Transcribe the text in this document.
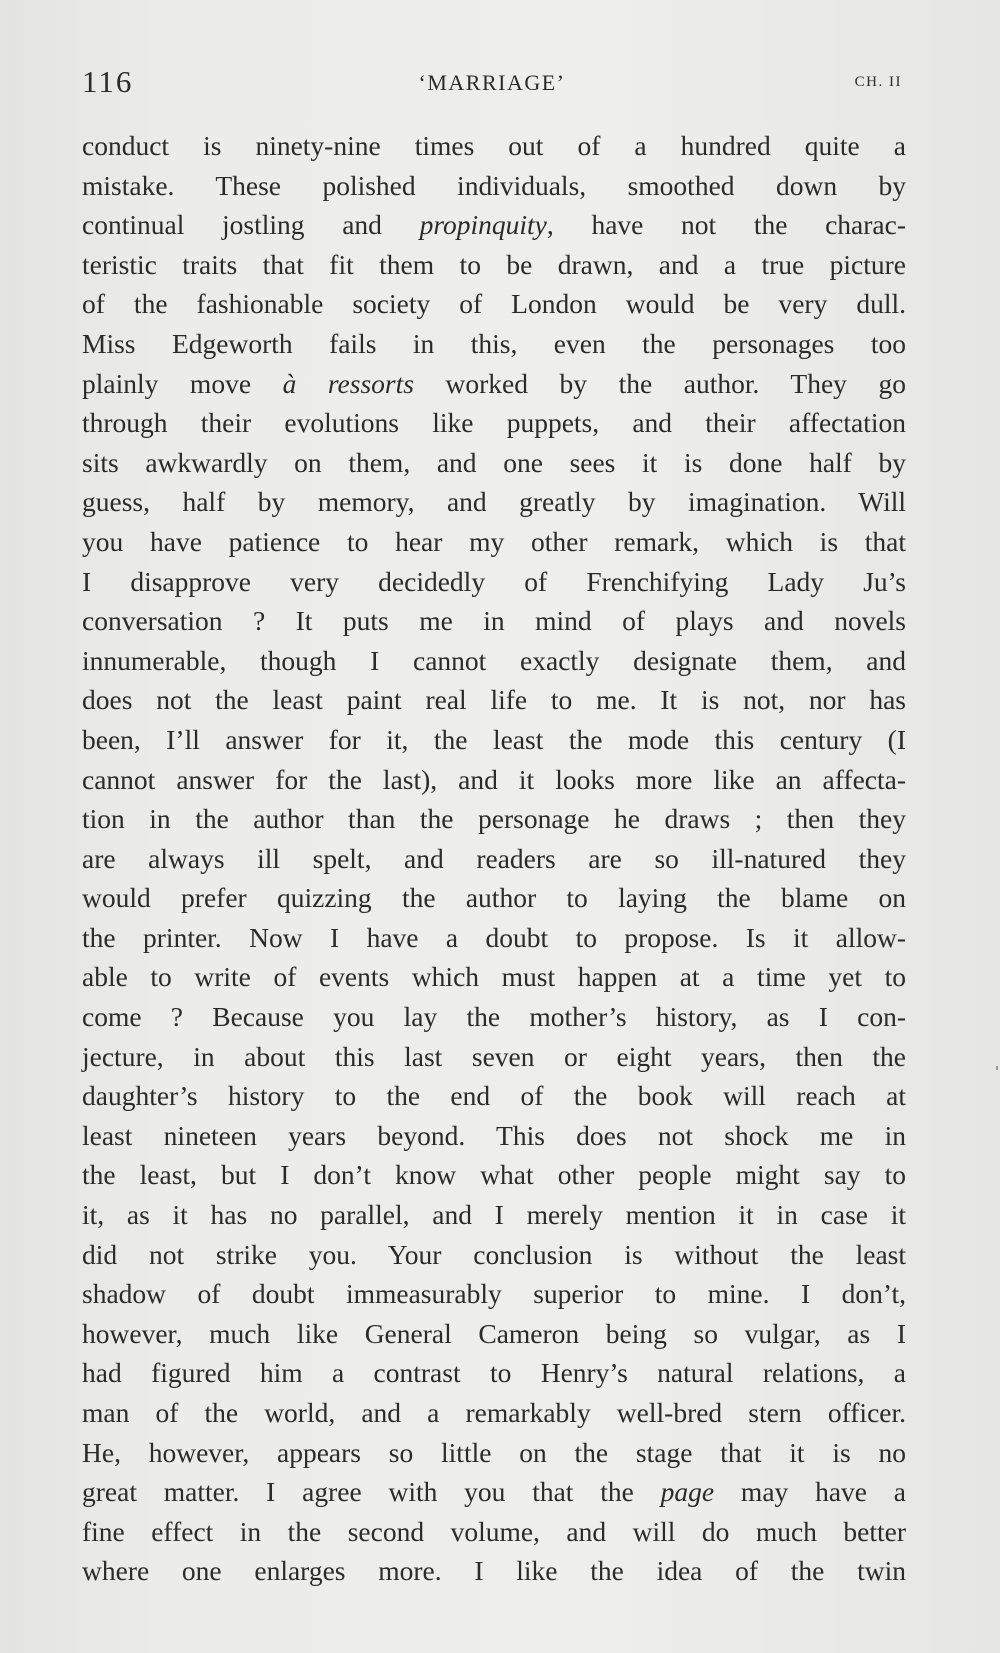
116	‘MARRIAGE’	CH. II
conduct is ninety-nine times out of a hundred quite a
mistake. These polished individuals, smoothed down by
continual jostling and propinquity, have not the charac-
teristic traits that fit them to be drawn, and a true picture
of the fashionable society of London would be very dull.
Miss Edgeworth fails in this, even the personages too
plainly move à ressorts worked by the author. They go
through their evolutions like puppets, and their affectation
sits awkwardly on them, and one sees it is done half by
guess, half by memory, and greatly by imagination. Will
you have patience to hear my other remark, which is that
I disapprove very decidedly of Frenchifying Lady Ju’s
conversation ? It puts me in mind of plays and novels
innumerable, though I cannot exactly designate them, and
does not the least paint real life to me. It is not, nor has
been, I’ll answer for it, the least the mode this century (I
cannot answer for the last), and it looks more like an affecta-
tion in the author than the personage he draws ; then they
are always ill spelt, and readers are so ill-natured they
would prefer quizzing the author to laying the blame on
the printer. Now I have a doubt to propose. Is it allow-
able to write of events which must happen at a time yet to
come ? Because you lay the mother’s history, as I con-
jecture, in about this last seven or eight years, then the
daughter’s history to the end of the book will reach at
least nineteen years beyond. This does not shock me in
the least, but I don’t know what other people might say to
it, as it has no parallel, and I merely mention it in case it
did not strike you. Your conclusion is without the least
shadow of doubt immeasurably superior to mine. I don’t,
however, much like General Cameron being so vulgar, as I
had figured him a contrast to Henry’s natural relations, a
man of the world, and a remarkably well-bred stern officer.
He, however, appears so little on the stage that it is no
great matter. I agree with you that the page may have a
fine effect in the second volume, and will do much better
where one enlarges more. I like the idea of the twin
